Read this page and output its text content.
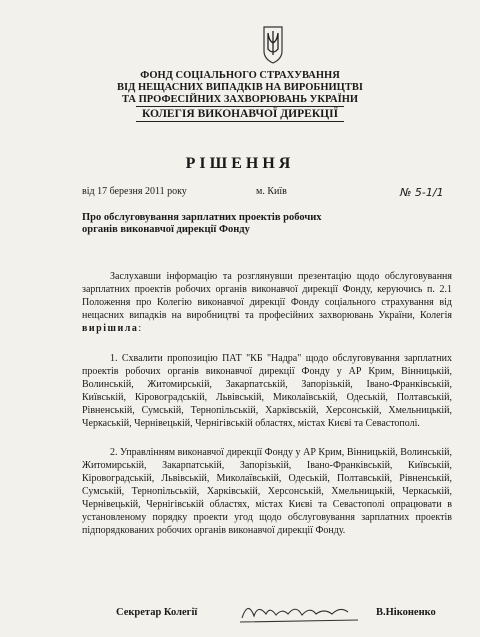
ФОНД СОЦІАЛЬНОГО СТРАХУВАННЯ
ВІД НЕЩАСНИХ ВИПАДКІВ НА ВИРОБНИЦТВІ
ТА ПРОФЕСІЙНИХ ЗАХВОРЮВАНЬ УКРАЇНИ
КОЛЕГІЯ ВИКОНАВЧОЇ ДИРЕКЦІЇ
РІШЕННЯ
від 17 березня 2011 року	м. Київ	№ 5-1/1
Про обслуговування зарплатних проектів робочих органів виконавчої дирекції Фонду
Заслухавши інформацію та розглянувши презентацію щодо обслуговування зарплатних проектів робочих органів виконавчої дирекції Фонду, керуючись п. 2.1 Положення про Колегію виконавчої дирекції Фонду соціального страхування від нещасних випадків на виробництві та професійних захворювань України, Колегія вирішила:
1. Схвалити пропозицію ПАТ "КБ "Надра" щодо обслуговування зарплатних проектів робочих органів виконавчої дирекції Фонду у АР Крим, Вінницькій, Волинській, Житомирській, Закарпатській, Запорізькій, Івано-Франківській, Київській, Кіровоградській, Львівській, Миколаївській, Одеській, Полтавській, Рівненській, Сумській, Тернопільській, Харківській, Херсонській, Хмельницькій, Черкаській, Чернівецькій, Чернігівській областях, містах Києві та Севастополі.
2. Управлінням виконавчої дирекції Фонду у АР Крим, Вінницькій, Волинській, Житомирській, Закарпатській, Запорізькій, Івано-Франківській, Київській, Кіровоградській, Львівській, Миколаївській, Одеській, Полтавській, Рівненській, Сумській, Тернопільській, Харківській, Херсонській, Хмельницькій, Черкаській, Чернівецькій, Чернігівській областях, містах Києві та Севастополі опрацювати в установленому порядку проекти угод щодо обслуговування зарплатних проектів підпорядкованих робочих органів виконавчої дирекції Фонду.
Секретар Колегії	В.Ніконенко
